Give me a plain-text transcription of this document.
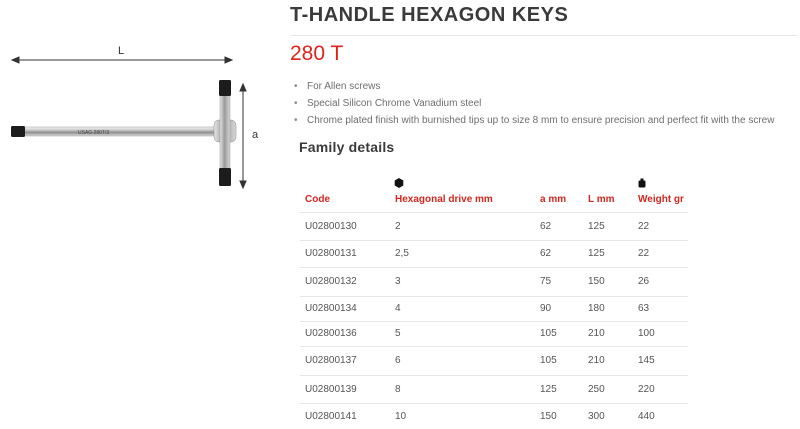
L
a
USAG 280T/3
T-HANDLE HEXAGON KEYS
280 T
• For Allen screws
• Special Silicon Chrome Vanadium steel
• Chrome plated finish with burnished tips up to size 8 mm to ensure precision and perfect fit with the screw
Family details
Code	Hexagonal drive mm	a mm	L mm	Weight gr
U02800130	2	62	125	22
U02800131	2,5	62	125	22
U02800132	3	75	150	26
U02800134	4	90	180	63
U02800136	5	105	210	100
U02800137	6	105	210	145
U02800139	8	125	250	220
U02800141	10	150	300	440
